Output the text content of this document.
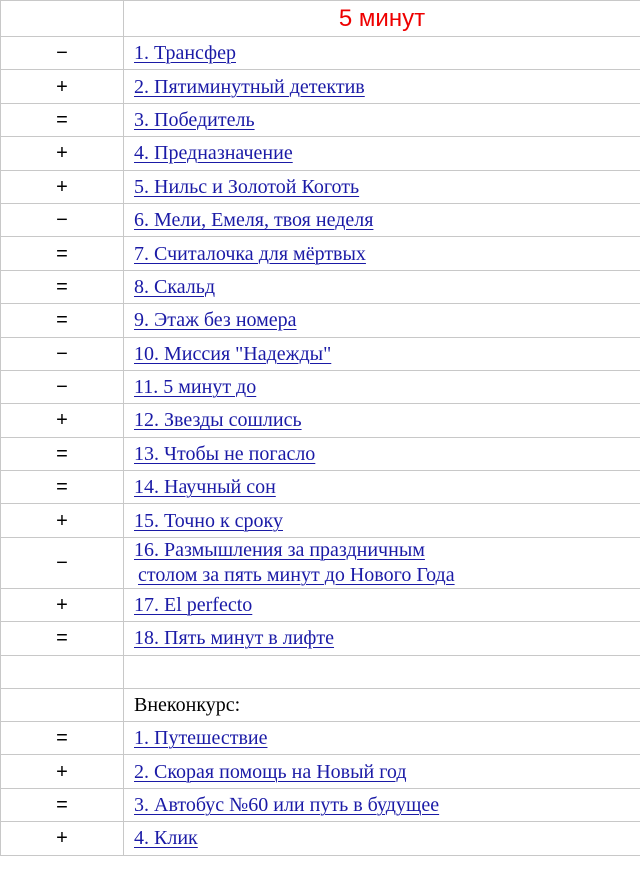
	5 минут
−	1. Трансфер
+	2. Пятиминутный детектив
=	3. Победитель
+	4. Предназначение
+	5. Нильс и Золотой Коготь
−	6. Мели, Емеля, твоя неделя
=	7. Считалочка для мёртвых
=	8. Скальд
=	9. Этаж без номера
−	10. Миссия "Надежды"
−	11. 5 минут до
+	12. Звезды сошлись
=	13. Чтобы не погасло
=	14. Научный сон
+	15. Точно к сроку
−	16. Размышления за праздничным
столом за пять минут до Нового Года

+	17. El perfecto
=	18. Пять минут в лифте

	Внеконкурс:
=	1. Путешествие
+	2. Скорая помощь на Новый год
=	3. Автобус №60 или путь в будущее
+	4. Клик
